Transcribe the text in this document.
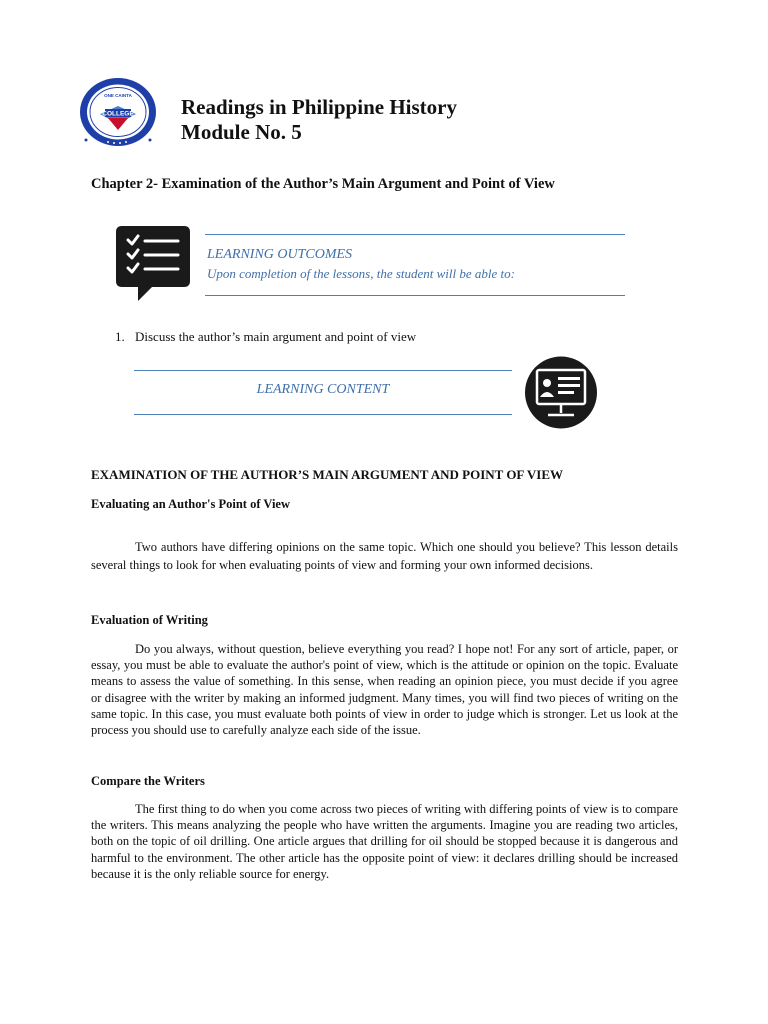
COLLEGE
ONE CAINTA Readings in Philippine History
Module No. 5
Chapter 2- Examination of the Author’s Main Argument and Point of View
LEARNING OUTCOMES
Upon completion of the lessons, the student will be able to:
1. Discuss the author’s main argument and point of view
LEARNING CONTENT
EXAMINATION OF THE AUTHOR’S MAIN ARGUMENT AND POINT OF VIEW
Evaluating an Author's Point of View

Two authors have differing opinions on the same topic. Which one should you believe? This lesson details several things to look for when evaluating points of view and forming your own informed decisions.

Evaluation of Writing

Do you always, without question, believe everything you read? I hope not! For any sort of article, paper, or essay, you must be able to evaluate the author's point of view, which is the attitude or opinion on the topic. Evaluate means to assess the value of something. In this sense, when reading an opinion piece, you must decide if you agree or disagree with the writer by making an informed judgment. Many times, you will find two pieces of writing on the same topic. In this case, you must evaluate both points of view in order to judge which is stronger. Let us look at the process you should use to carefully analyze each side of the issue.

Compare the Writers

The first thing to do when you come across two pieces of writing with differing points of view is to compare the writers. This means analyzing the people who have written the arguments. Imagine you are reading two articles, both on the topic of oil drilling. One article argues that drilling for oil should be stopped because it is dangerous and harmful to the environment. The other article has the opposite point of view: it declares drilling should be increased because it is the only reliable source for energy.
